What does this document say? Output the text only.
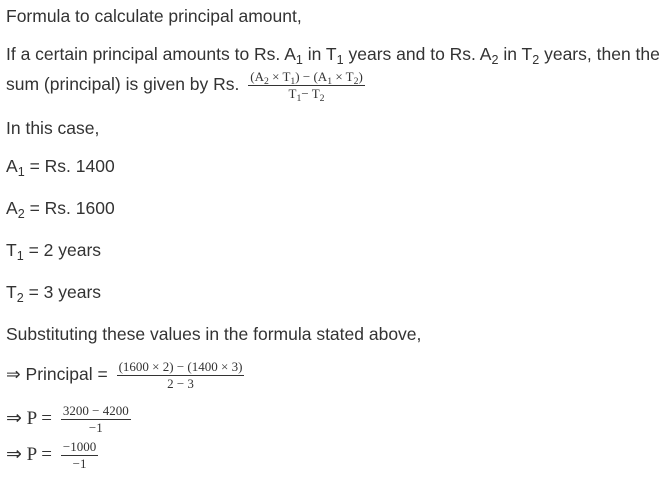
Formula to calculate principal amount,
If a certain principal amounts to Rs. $A_1$ in $T_1$ years and to Rs. $A_2$ in $T_2$ years, then the
sum (principal) is given by Rs. $\frac{(A_2 \times T_1) - (A_1 \times T_2)}{T_1- T_2}$
In this case,
$A_1 = Rs$. 1400
$A_2 = Rs$. 1600
$T_1 = 2$ years
$T_2 = 3$ years
Substituting these values in the formula stated above,
⇒ Principal = $\frac{(1600 \times 2) - (1400 \times 3)}{2 - 3}$
⇒ $P = \frac{3200 - 4200}{-1}$
⇒ $P = \frac{-1000}{-1}$
